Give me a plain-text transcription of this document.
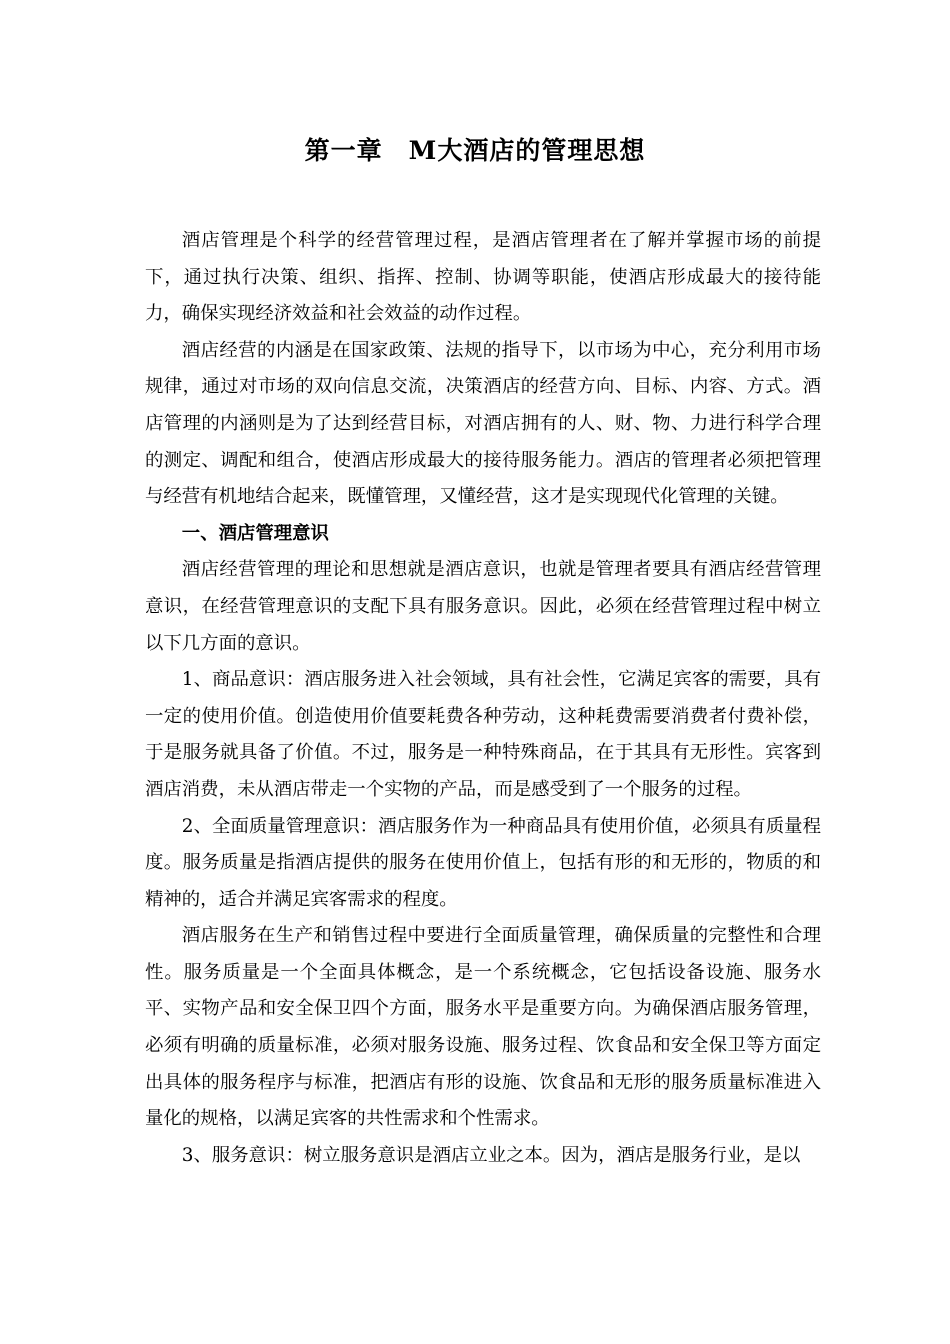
第一章　M大酒店的管理思想

酒店管理是个科学的经营管理过程，是酒店管理者在了解并掌握市场的前提下，通过执行决策、组织、指挥、控制、协调等职能，使酒店形成最大的接待能力，确保实现经济效益和社会效益的动作过程。

酒店经营的内涵是在国家政策、法规的指导下，以市场为中心，充分利用市场规律，通过对市场的双向信息交流，决策酒店的经营方向、目标、内容、方式。酒店管理的内涵则是为了达到经营目标，对酒店拥有的人、财、物、力进行科学合理的测定、调配和组合，使酒店形成最大的接待服务能力。酒店的管理者必须把管理与经营有机地结合起来，既懂管理，又懂经营，这才是实现现代化管理的关键。

一、酒店管理意识

酒店经营管理的理论和思想就是酒店意识，也就是管理者要具有酒店经营管理意识，在经营管理意识的支配下具有服务意识。因此，必须在经营管理过程中树立以下几方面的意识。

1、商品意识：酒店服务进入社会领域，具有社会性，它满足宾客的需要，具有一定的使用价值。创造使用价值要耗费各种劳动，这种耗费需要消费者付费补偿，于是服务就具备了价值。不过，服务是一种特殊商品，在于其具有无形性。宾客到酒店消费，未从酒店带走一个实物的产品，而是感受到了一个服务的过程。

2、全面质量管理意识：酒店服务作为一种商品具有使用价值，必须具有质量程度。服务质量是指酒店提供的服务在使用价值上，包括有形的和无形的，物质的和精神的，适合并满足宾客需求的程度。

酒店服务在生产和销售过程中要进行全面质量管理，确保质量的完整性和合理性。服务质量是一个全面具体概念，是一个系统概念，它包括设备设施、服务水平、实物产品和安全保卫四个方面，服务水平是重要方向。为确保酒店服务管理，必须有明确的质量标准，必须对服务设施、服务过程、饮食品和安全保卫等方面定出具体的服务程序与标准，把酒店有形的设施、饮食品和无形的服务质量标准进入量化的规格，以满足宾客的共性需求和个性需求。

3、服务意识：树立服务意识是酒店立业之本。因为，酒店是服务行业，是以
